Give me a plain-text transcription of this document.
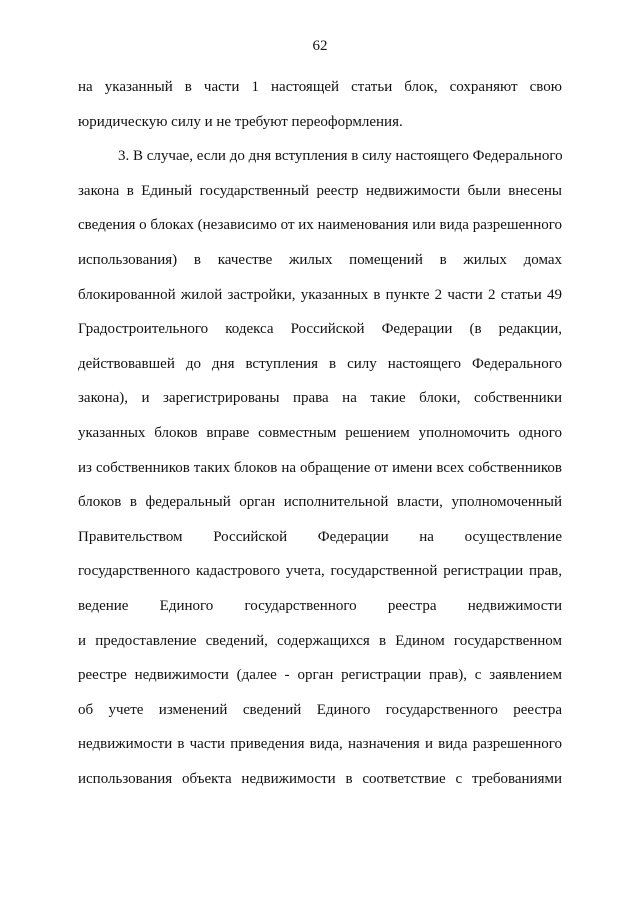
62
на указанный в части 1 настоящей статьи блок, сохраняют свою
юридическую силу и не требуют переоформления.
3. В случае, если до дня вступления в силу настоящего Федерального
закона в Единый государственный реестр недвижимости были внесены
сведения о блоках (независимо от их наименования или вида разрешенного
использования) в качестве жилых помещений в жилых домах
блокированной жилой застройки, указанных в пункте 2 части 2 статьи 49
Градостроительного кодекса Российской Федерации (в редакции,
действовавшей до дня вступления в силу настоящего Федерального
закона), и зарегистрированы права на такие блоки, собственники
указанных блоков вправе совместным решением уполномочить одного
из собственников таких блоков на обращение от имени всех собственников
блоков в федеральный орган исполнительной власти, уполномоченный
Правительством Российской Федерации на осуществление
государственного кадастрового учета, государственной регистрации прав,
ведение Единого государственного реестра недвижимости
и предоставление сведений, содержащихся в Едином государственном
реестре недвижимости (далее - орган регистрации прав), с заявлением
об учете изменений сведений Единого государственного реестра
недвижимости в части приведения вида, назначения и вида разрешенного
использования объекта недвижимости в соответствие с требованиями
